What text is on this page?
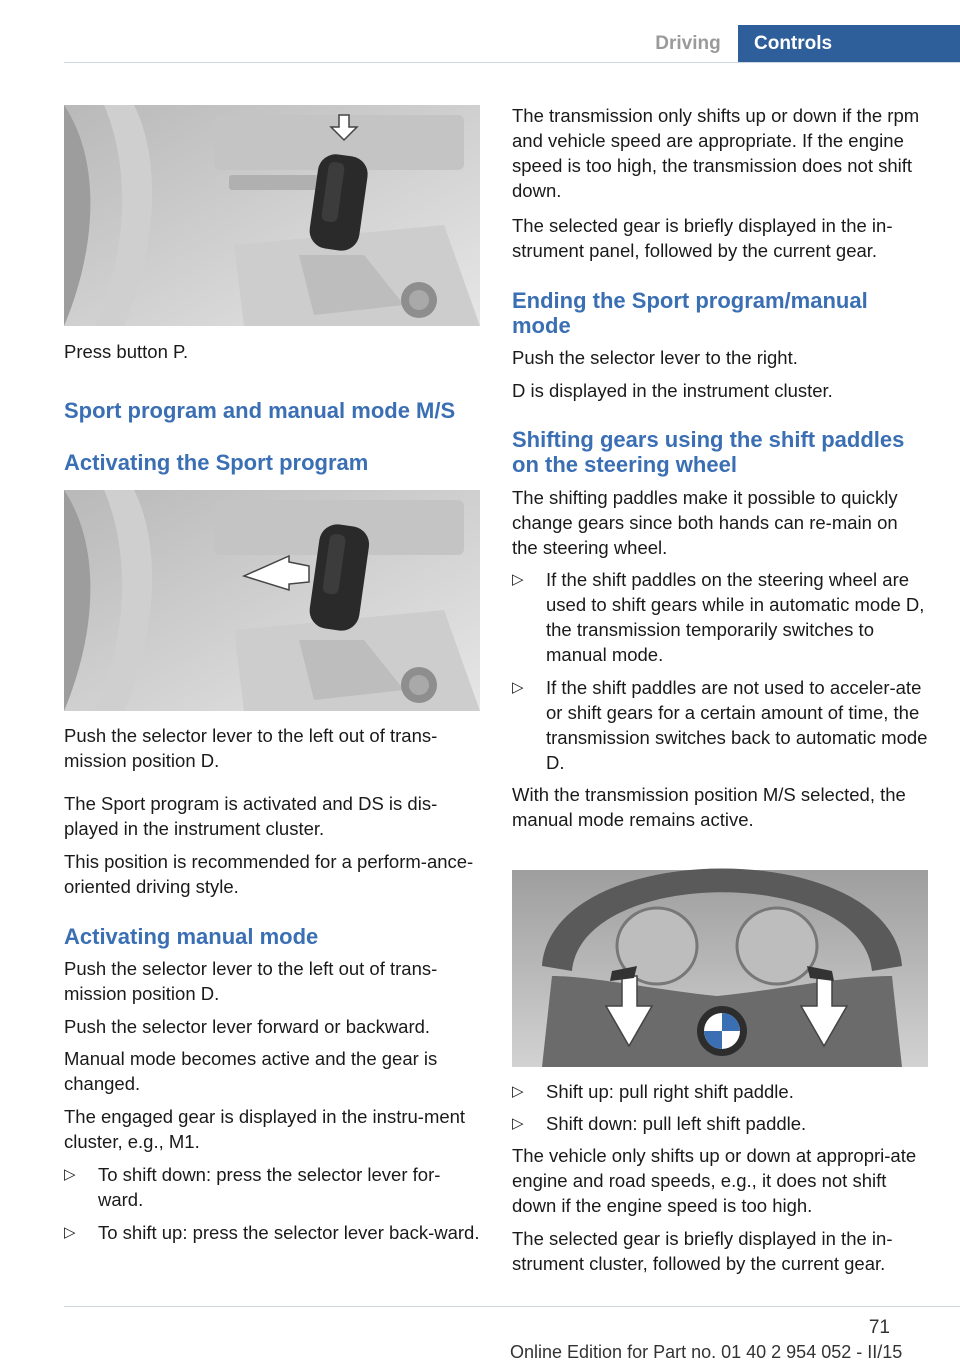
Driving	Controls

Press button P.

Sport program and manual mode M/S
Activating the Sport program

Push the selector lever to the left out of trans-mission position D.

The Sport program is activated and DS is dis-played in the instrument cluster.

This position is recommended for a perform-ance-oriented driving style.

Activating manual mode

Push the selector lever to the left out of trans-mission position D.

Push the selector lever forward or backward.

Manual mode becomes active and the gear is changed.

The engaged gear is displayed in the instru-ment cluster, e.g., M1.

▷	To shift down: press the selector lever for-ward.
▷	To shift up: press the selector lever back-ward.

The transmission only shifts up or down if the rpm and vehicle speed are appropriate. If the engine speed is too high, the transmission does not shift down.

The selected gear is briefly displayed in the in-strument panel, followed by the current gear.

Ending the Sport program/manual mode

Push the selector lever to the right.

D is displayed in the instrument cluster.

Shifting gears using the shift paddles on the steering wheel

The shifting paddles make it possible to quickly change gears since both hands can re-main on the steering wheel.

▷	If the shift paddles on the steering wheel are used to shift gears while in automatic mode D, the transmission temporarily switches to manual mode.
▷	If the shift paddles are not used to acceler-ate or shift gears for a certain amount of time, the transmission switches back to automatic mode D.

With the transmission position M/S selected, the manual mode remains active.

▷	Shift up: pull right shift paddle.
▷	Shift down: pull left shift paddle.

The vehicle only shifts up or down at appropri-ate engine and road speeds, e.g., it does not shift down if the engine speed is too high.

The selected gear is briefly displayed in the in-strument cluster, followed by the current gear.

71
Online Edition for Part no. 01 40 2 954 052 - II/15
